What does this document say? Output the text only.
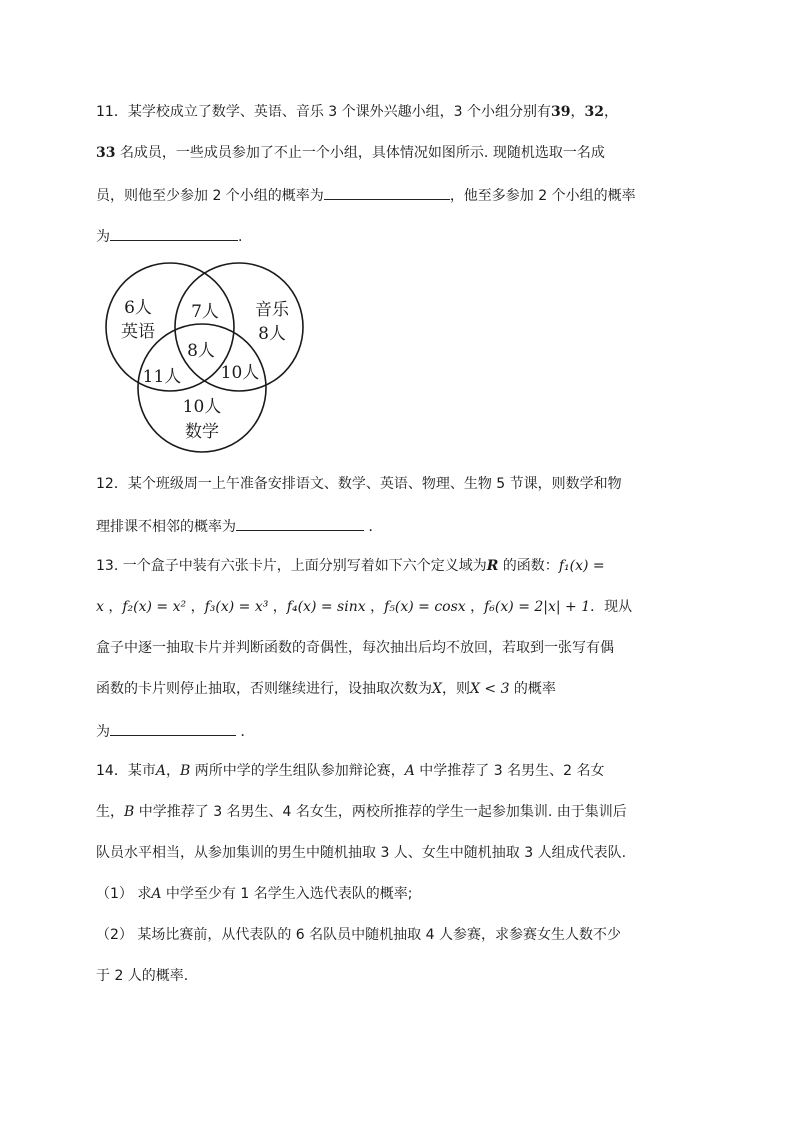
11．某学校成立了数学、英语、音乐 3 个课外兴趣小组，3 个小组分别有39，32，
33 名成员，一些成员参加了不止一个小组，具体情况如图所示. 现随机选取一名成
员，则他至少参加 2 个小组的概率为	，他至多参加 2 个小组的概率
为	.
6人
英语
音乐
8人
7人
8人
11人 10人
10人
数学
12．某个班级周一上午准备安排语文、数学、英语、物理、生物 5 节课，则数学和物
理排课不相邻的概率为	．
13. 一个盒子中装有六张卡片，上面分别写着如下六个定义域为R 的函数：f₁(x) =
x ，f₂(x) = x² ，f₃(x) = x³ ，f₄(x) = sinx ，f₅(x) = cosx ，f₆(x) = 2|x| + 1．现从
盒子中逐一抽取卡片并判断函数的奇偶性，每次抽出后均不放回，若取到一张写有偶
函数的卡片则停止抽取，否则继续进行，设抽取次数为X，则X < 3 的概率
为	．
14．某市A，B 两所中学的学生组队参加辩论赛，A 中学推荐了 3 名男生、2 名女
生，B 中学推荐了 3 名男生、4 名女生，两校所推荐的学生一起参加集训. 由于集训后
队员水平相当，从参加集训的男生中随机抽取 3 人、女生中随机抽取 3 人组成代表队.
（1） 求A 中学至少有 1 名学生入选代表队的概率;
（2） 某场比赛前，从代表队的 6 名队员中随机抽取 4 人参赛，求参赛女生人数不少
于 2 人的概率.
